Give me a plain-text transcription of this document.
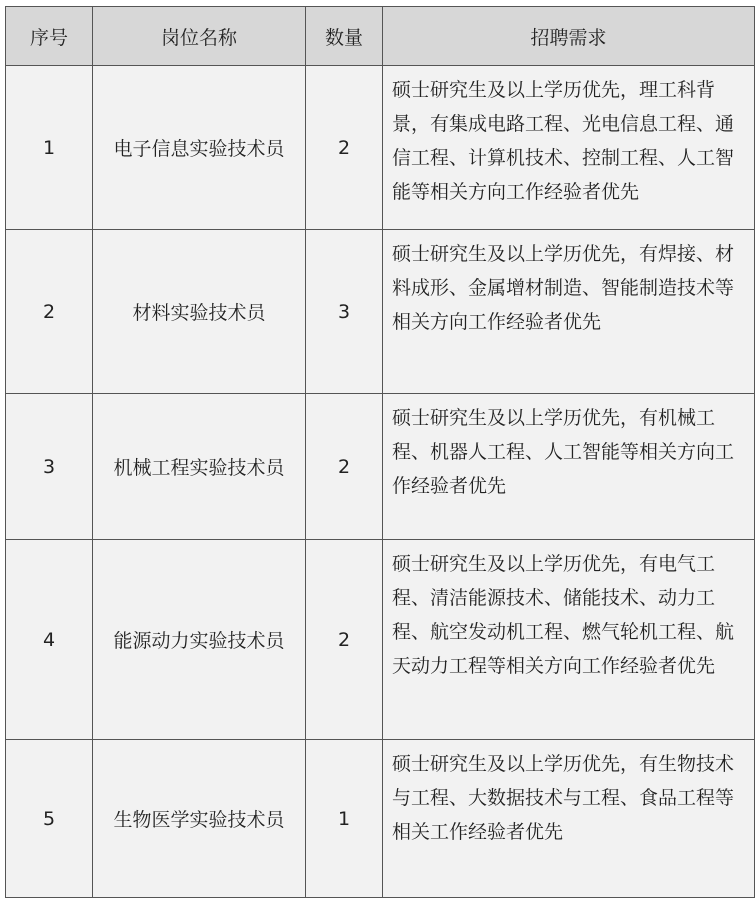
序号	岗位名称	数量	招聘需求
1	电子信息实验技术员	2	硕士研究生及以上学历优先，理工科背景，有集成电路工程、光电信息工程、通信工程、计算机技术、控制工程、人工智能等相关方向工作经验者优先
2	材料实验技术员	3	硕士研究生及以上学历优先，有焊接、材料成形、金属增材制造、智能制造技术等相关方向工作经验者优先
3	机械工程实验技术员	2	硕士研究生及以上学历优先，有机械工程、机器人工程、人工智能等相关方向工作经验者优先
4	能源动力实验技术员	2	硕士研究生及以上学历优先，有电气工程、清洁能源技术、储能技术、动力工程、航空发动机工程、燃气轮机工程、航天动力工程等相关方向工作经验者优先
5	生物医学实验技术员	1	硕士研究生及以上学历优先，有生物技术与工程、大数据技术与工程、食品工程等相关工作经验者优先
